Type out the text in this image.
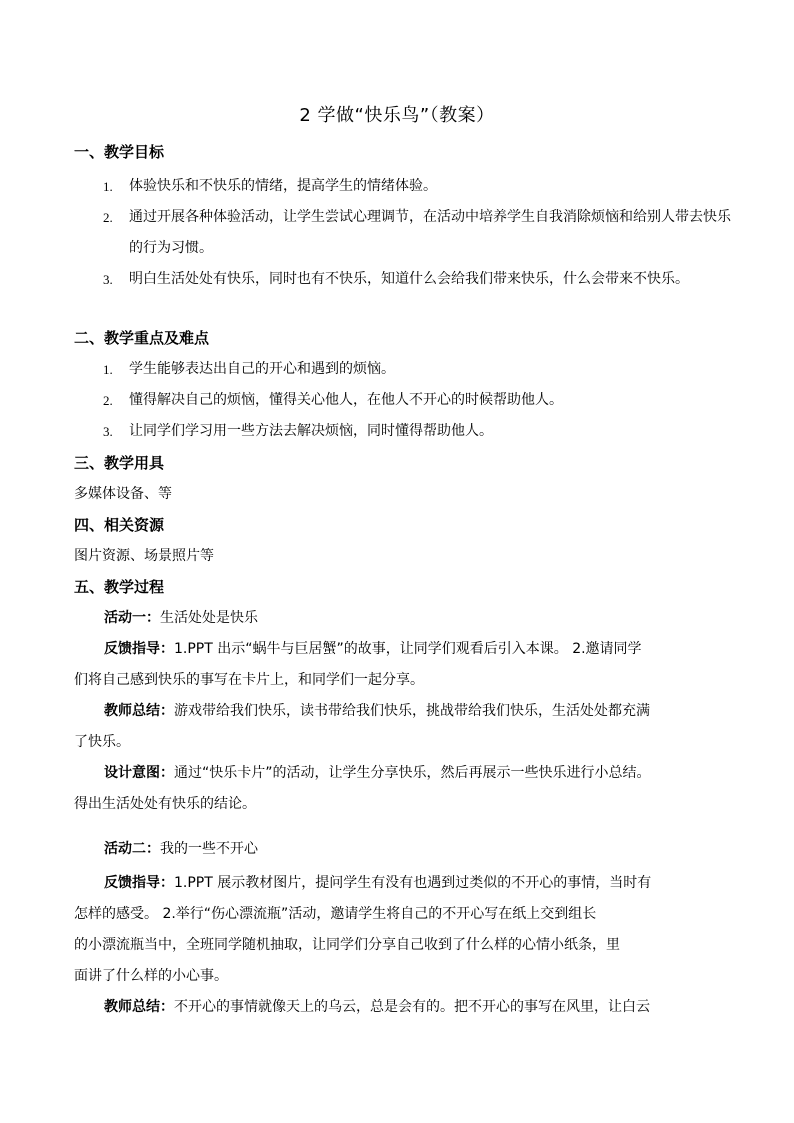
2 学做“快乐鸟”（教案）
一、教学目标
1. 体验快乐和不快乐的情绪，提高学生的情绪体验。
2. 通过开展各种体验活动，让学生尝试心理调节，在活动中培养学生自我消除烦恼和给别人带去快乐的行为习惯。
3. 明白生活处处有快乐，同时也有不快乐，知道什么会给我们带来快乐，什么会带来不快乐。
二、教学重点及难点
1. 学生能够表达出自己的开心和遇到的烦恼。
2. 懂得解决自己的烦恼，懂得关心他人，在他人不开心的时候帮助他人。
3. 让同学们学习用一些方法去解决烦恼，同时懂得帮助他人。
三、教学用具
多媒体设备、等
四、相关资源
图片资源、场景照片等
五、教学过程
活动一：生活处处是快乐
反馈指导：1.PPT 出示“蜗牛与巨居蟹”的故事，让同学们观看后引入本课。 2.邀请同学
们将自己感到快乐的事写在卡片上，和同学们一起分享。
教师总结：游戏带给我们快乐，读书带给我们快乐，挑战带给我们快乐，生活处处都充满
了快乐。
设计意图：通过“快乐卡片”的活动，让学生分享快乐，然后再展示一些快乐进行小总结。
得出生活处处有快乐的结论。
活动二：我的一些不开心
反馈指导：1.PPT 展示教材图片，提问学生有没有也遇到过类似的不开心的事情，当时有
怎样的感受。 2.举行“伤心漂流瓶”活动，邀请学生将自己的不开心写在纸上交到组长
的小漂流瓶当中，全班同学随机抽取，让同学们分享自己收到了什么样的心情小纸条，里
面讲了什么样的小心事。
教师总结：不开心的事情就像天上的乌云，总是会有的。把不开心的事写在风里，让白云
